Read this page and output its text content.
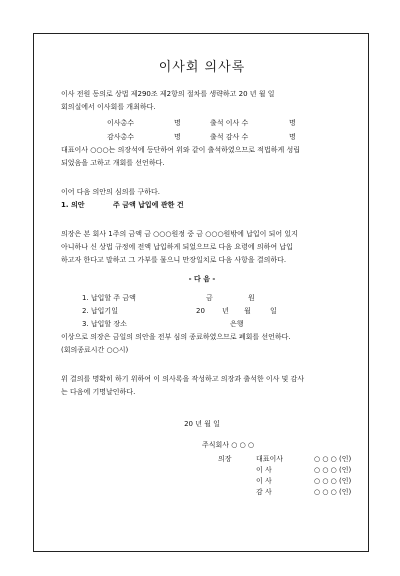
이사회 의사록
이사 전원 동의로 상법 제290조 제2항의 절차를 생략하고 20 년 월 일
회의실에서 이사회를 개최하다.
이사총수	명	출석 이사 수	명
감사총수	명	출석 감사 수	명
대표이사 ○○○는 의장석에 등단하여 위와 같이 출석하였으므로 적법하게 성립
되었음을 고하고 개회를 선언하다.
이어 다음 의안의 심의를 구하다.
1. 의안	주 금액 납입에 관한 건
의장은 본 회사 1주의 금액 금 ○○○원정 중 금 ○○○원밖에 납입이 되어 있지
아니하나 신 상법 규정에 전액 납입하게 되었으므로 다음 요령에 의하여 납입
하고자 한다고 말하고 그 가부를 물으니 만장일치로 다음 사항을 결의하다.
- 다 음 -
1. 납입할 주 금액	금	원
2. 납입기일	20 년 월	일
3. 납입할 장소	은행
이상으로 의장은 금일의 의안을 전부 심의 종료하였으므로 폐회를 선언하다.
(회의종료시간 ○○시)
위 결의를 명확히 하기 위하여 이 의사록을 작성하고 의장과 출석한 이사 및 감사
는 다음에 기명날인하다.
20 년 월 일
주식회사 ○ ○ ○
의장	대표이사	○ ○ ○ (인)
이 사	○ ○ ○ (인)
이 사	○ ○ ○ (인)
감 사	○ ○ ○ (인)
